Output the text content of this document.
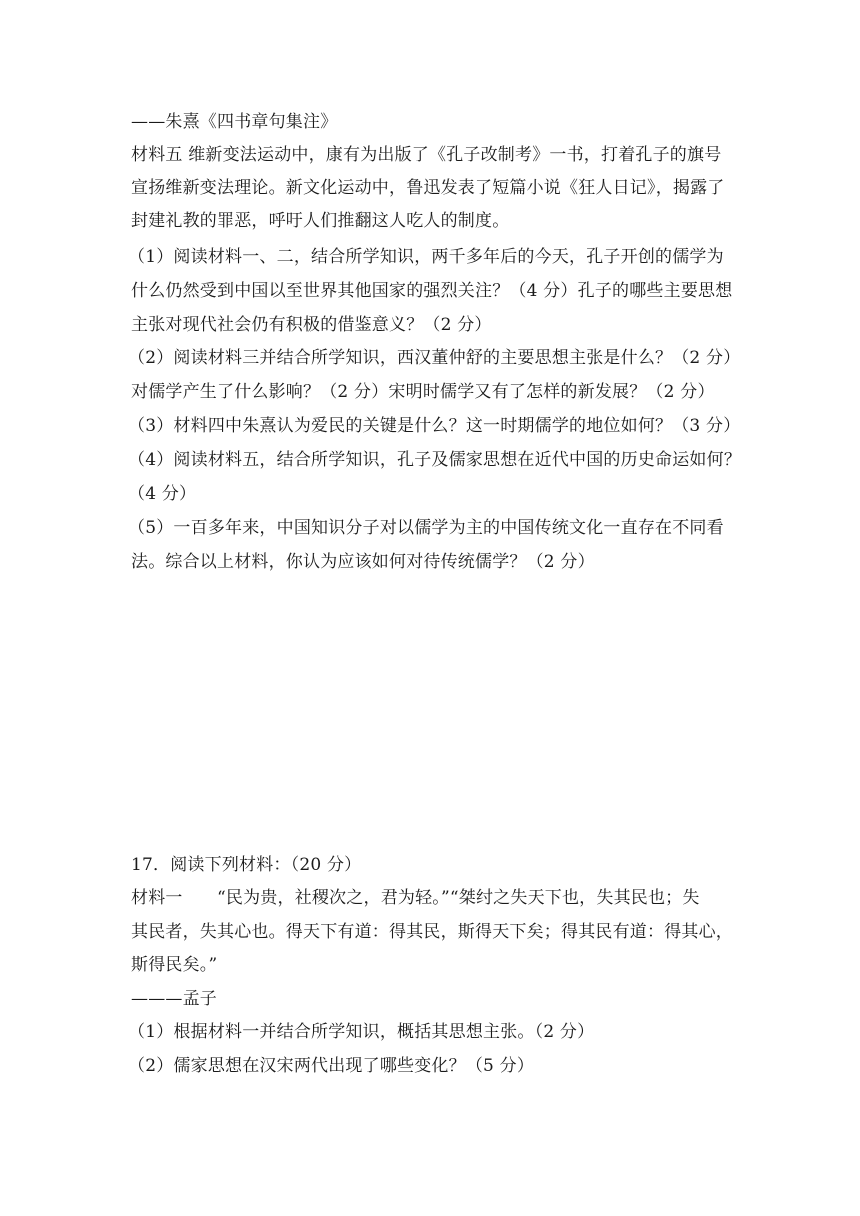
——朱熹《四书章句集注》
材料五 维新变法运动中，康有为出版了《孔子改制考》一书，打着孔子的旗号
宣扬维新变法理论。新文化运动中，鲁迅发表了短篇小说《狂人日记》，揭露了
封建礼教的罪恶，呼吁人们推翻这人吃人的制度。
（1）阅读材料一、二，结合所学知识，两千多年后的今天，孔子开创的儒学为
什么仍然受到中国以至世界其他国家的强烈关注？（4 分）孔子的哪些主要思想
主张对现代社会仍有积极的借鉴意义？（2 分）
（2）阅读材料三并结合所学知识，西汉董仲舒的主要思想主张是什么？（2 分）
对儒学产生了什么影响？（2 分）宋明时儒学又有了怎样的新发展？（2 分）
（3）材料四中朱熹认为爱民的关键是什么？这一时期儒学的地位如何？（3 分）
（4）阅读材料五，结合所学知识，孔子及儒家思想在近代中国的历史命运如何？
（4 分）
（5）一百多年来，中国知识分子对以儒学为主的中国传统文化一直存在不同看
法。综合以上材料，你认为应该如何对待传统儒学？（2 分）
17．阅读下列材料：（20 分）
材料一　　“民为贵，社稷次之，君为轻。”“桀纣之失天下也，失其民也；失
其民者，失其心也。得天下有道：得其民，斯得天下矣；得其民有道：得其心，
斯得民矣。”
———孟子
（1）根据材料一并结合所学知识，概括其思想主张。（2 分）
（2）儒家思想在汉宋两代出现了哪些变化？（5 分）
